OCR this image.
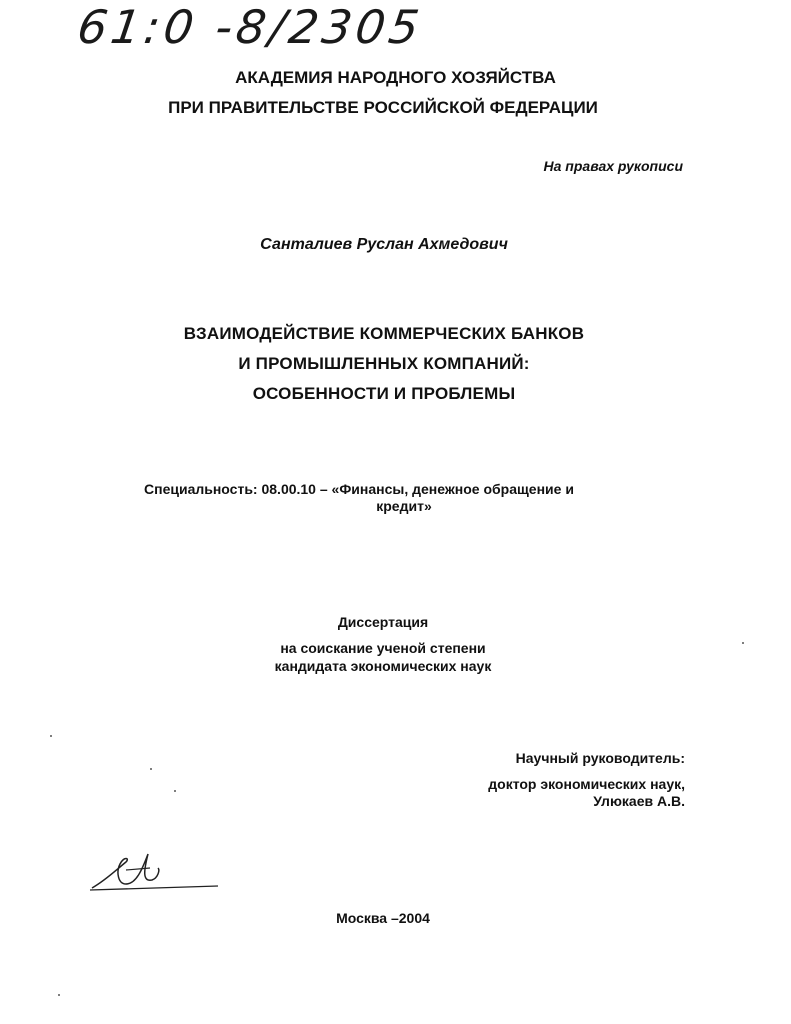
61:0 -8/2305
АКАДЕМИЯ НАРОДНОГО ХОЗЯЙСТВА
ПРИ ПРАВИТЕЛЬСТВЕ РОССИЙСКОЙ ФЕДЕРАЦИИ
На правах рукописи
Санталиев Руслан Ахмедович
ВЗАИМОДЕЙСТВИЕ КОММЕРЧЕСКИХ БАНКОВ
И ПРОМЫШЛЕННЫХ КОМПАНИЙ:
ОСОБЕННОСТИ И ПРОБЛЕМЫ
Специальность: 08.00.10 – «Финансы, денежное обращение и
кредит»
Диссертация
на соискание ученой степени
кандидата экономических наук
Научный руководитель:
доктор экономических наук,
Улюкаев А.В.
Москва –2004
